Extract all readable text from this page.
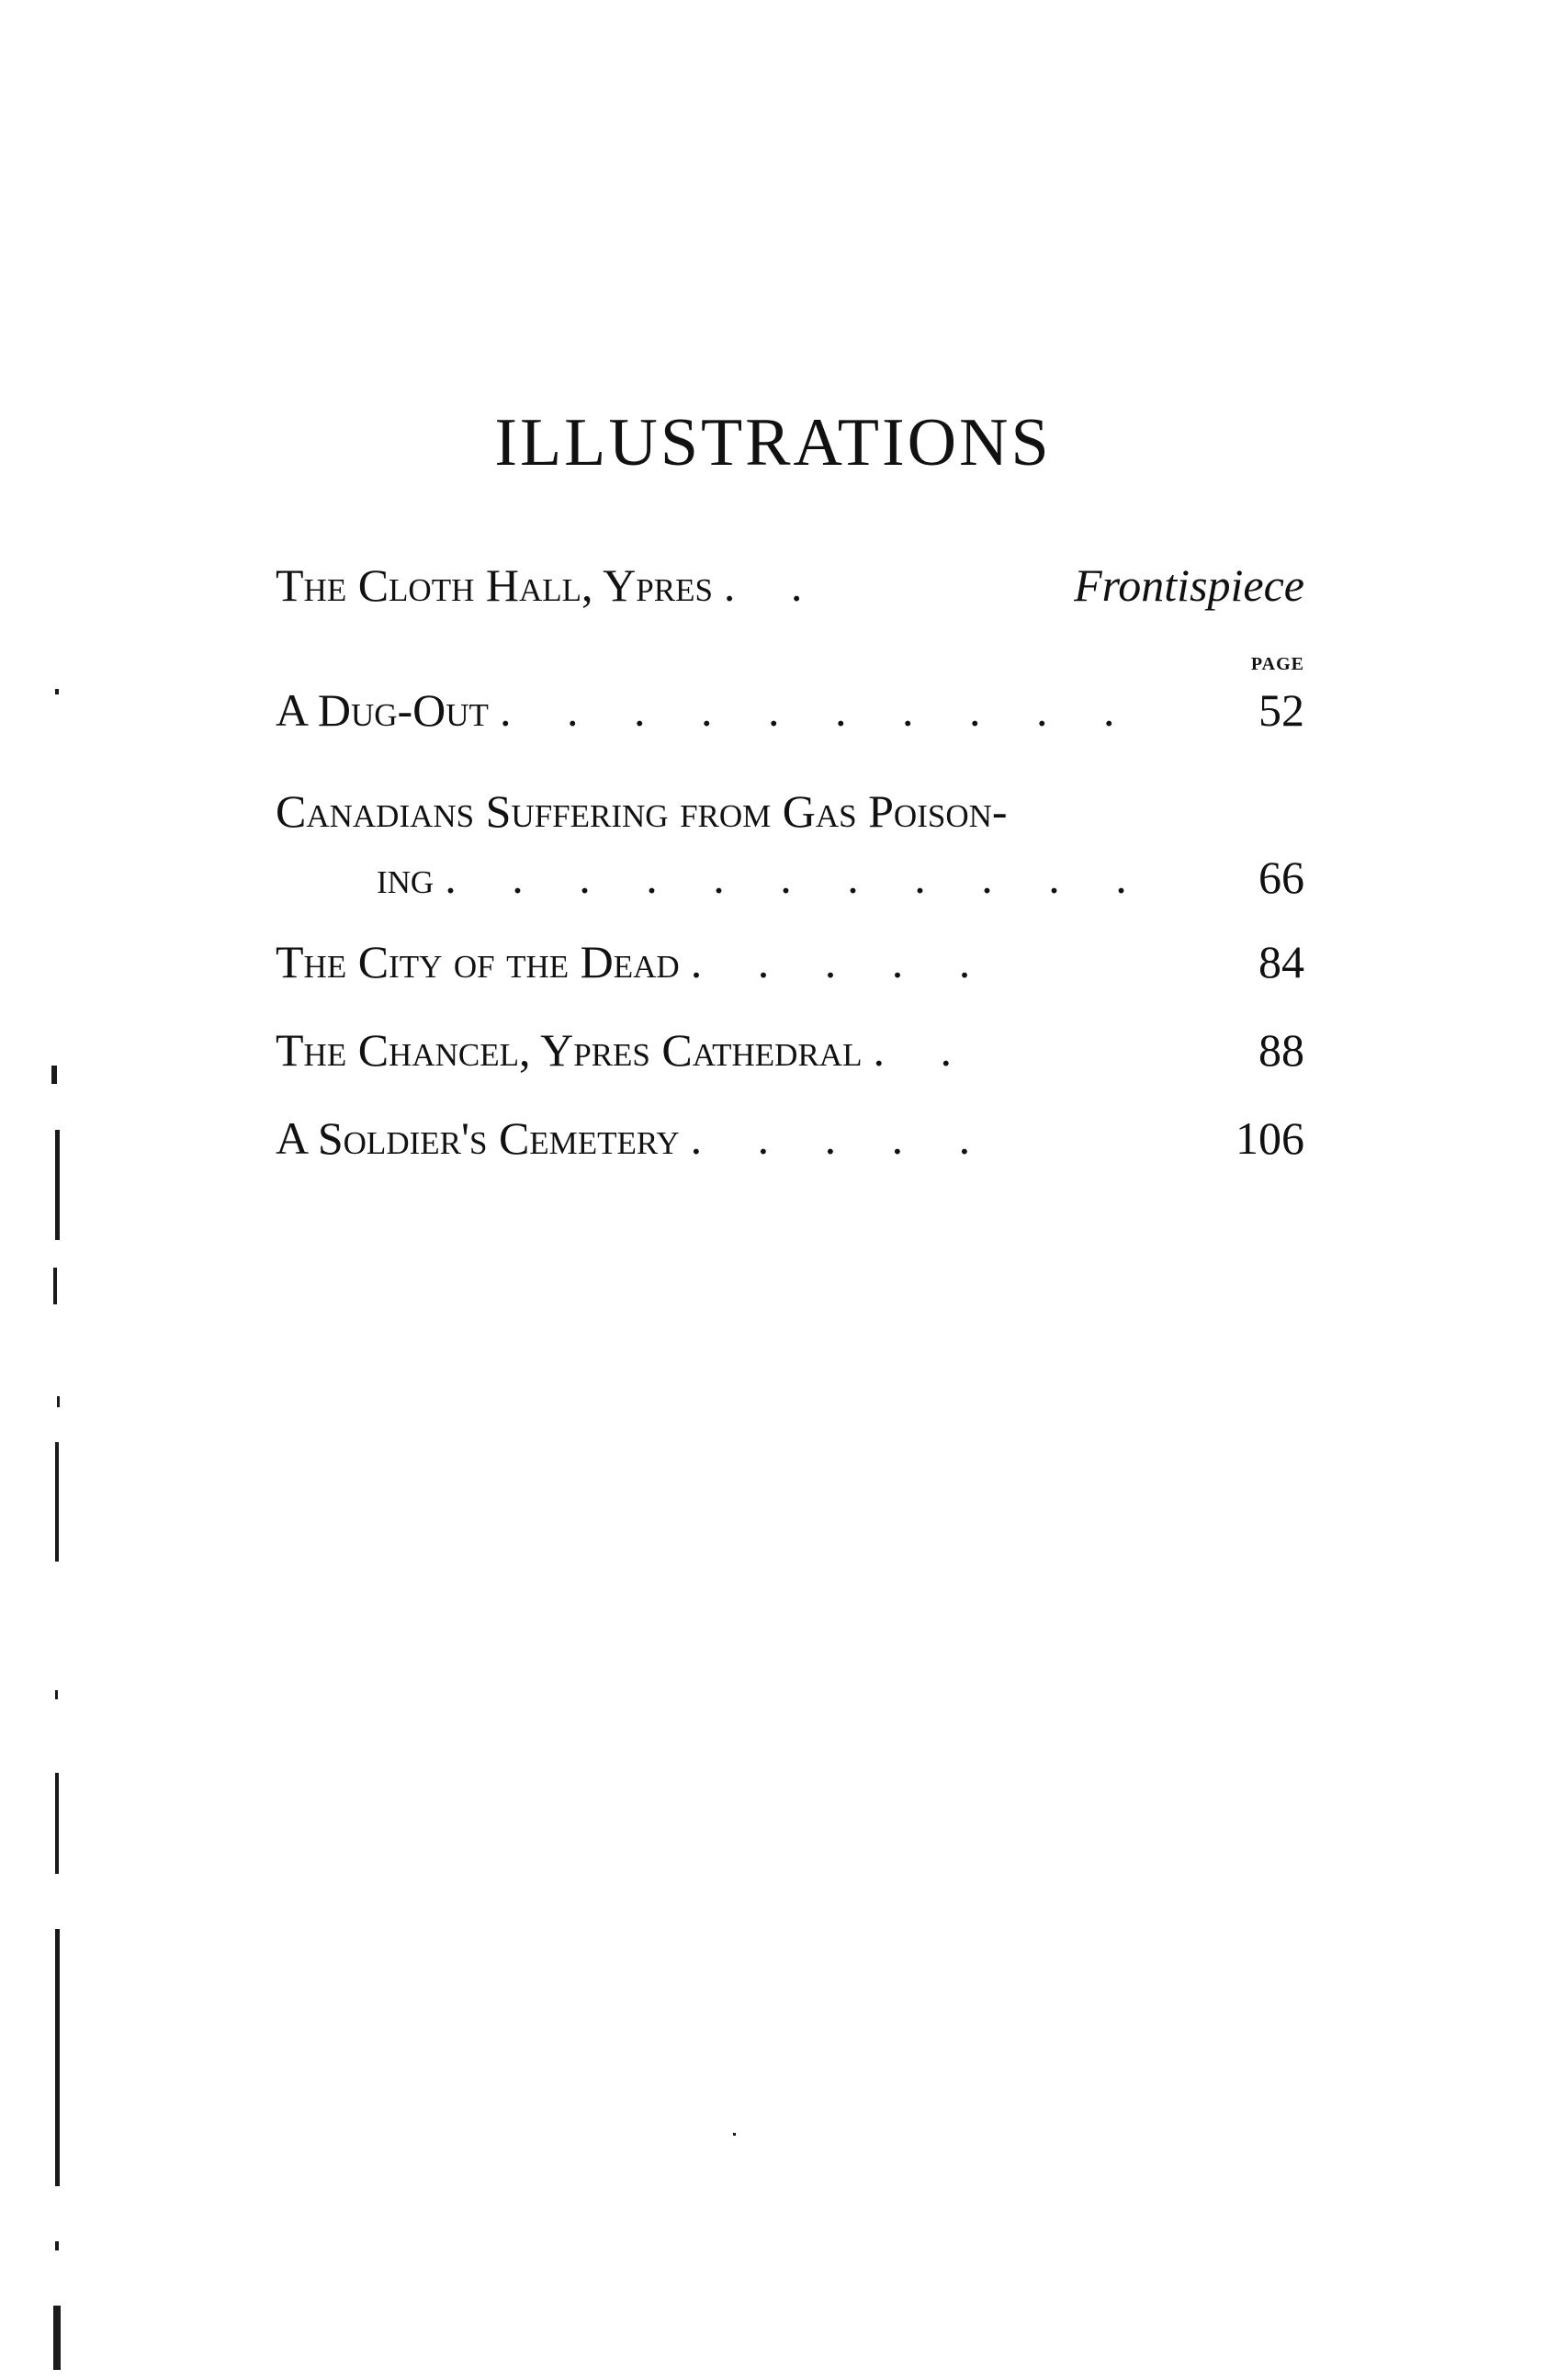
ILLUSTRATIONS
The Cloth Hall, Ypres . .	Frontispiece
PAGE
A Dug-Out . . . . . . . . . .	52
Canadians Suffering from Gas Poison-
ing . . . . . . . . . . .	66
The City of the Dead . . . . .	84
The Chancel, Ypres Cathedral . .	88
A Soldier's Cemetery . . . . .	106
